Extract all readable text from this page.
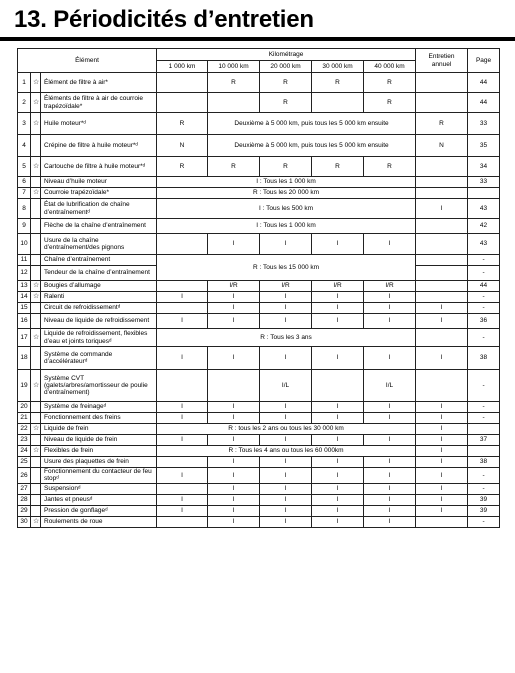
13. Périodicités d’entretien
Élément			Kilométrage					Entretien annuel	Page
			1 000 km	10 000 km	20 000 km	30 000 km	40 000 km		
1	☆	Élément de filtre à air*		R	R	R	R		44
2	☆	Éléments de filtre à air de courroie trapézoïdale*			R		R		44
3	☆	Huile moteur*ᵈ	R	Deuxième à 5 000 km, puis tous les 5 000 km ensuite				R	33
4		Crépine de filtre à huile moteur*ᵈ	N	Deuxième à 5 000 km, puis tous les 5 000 km ensuite				N	35
5	☆	Cartouche de filtre à huile moteur*ᵈ	R	R	R	R	R		34
6		Niveau d’huile moteur	I : Tous les 1 000 km						33
7	☆	Courroie trapézoïdale*	R : Tous les 20 000 km						
8		État de lubrification de chaîne d’entraînementᵈ	I : Tous les 500 km					I	43
9		Flèche de la chaîne d’entraînement	I : Tous les 1 000 km						42
10		Usure de la chaîne d’entraînement/des pignons		I	I	I	I		43
11		Chaîne d’entraînement	R : Tous les 15 000 km						-
12		Tendeur de la chaîne d’entraînement							-
13	☆	Bougies d’allumage		I/R	I/R	I/R	I/R		44
14	☆	Ralenti	I	I	I	I	I		-
15		Circuit de refroidissementᵈ		I	I	I	I	I	-
16		Niveau de liquide de refroidissement	I	I	I	I	I	I	36
17	☆	Liquide de refroidissement, flexibles d’eau et joints toriquesᵈ	R : Tous les 3 ans						-
18		Système de commande d’accélérateurᵈ	I	I	I	I	I	I	38
19	☆	Système CVT (galets/arbres/amortisseur de poulie d’entraînement)			I/L		I/L		-
20		Système de freinageᵈ	I	I	I	I	I	I	-
21		Fonctionnement des freins	I	I	I	I	I	I	-
22	☆	Liquide de frein	R : tous les 2 ans ou tous les 30 000 km					I	
23		Niveau de liquide de frein	I	I	I	I	I	I	37
24	☆	Flexibles de frein	R : Tous les 4 ans ou tous les 60 000km					I	
25		Usure des plaquettes de frein		I	I	I	I	I	38
26		Fonctionnement du contacteur de feu stopᵈ	I	I	I	I	I	I	-
27		Suspensionᵈ		I	I	I	I	I	-
28		Jantes et pneusᵈ	I	I	I	I	I	I	39
29		Pression de gonflageᵈ	I	I	I	I	I	I	39
30	☆	Roulements de roue		I	I	I	I		-
